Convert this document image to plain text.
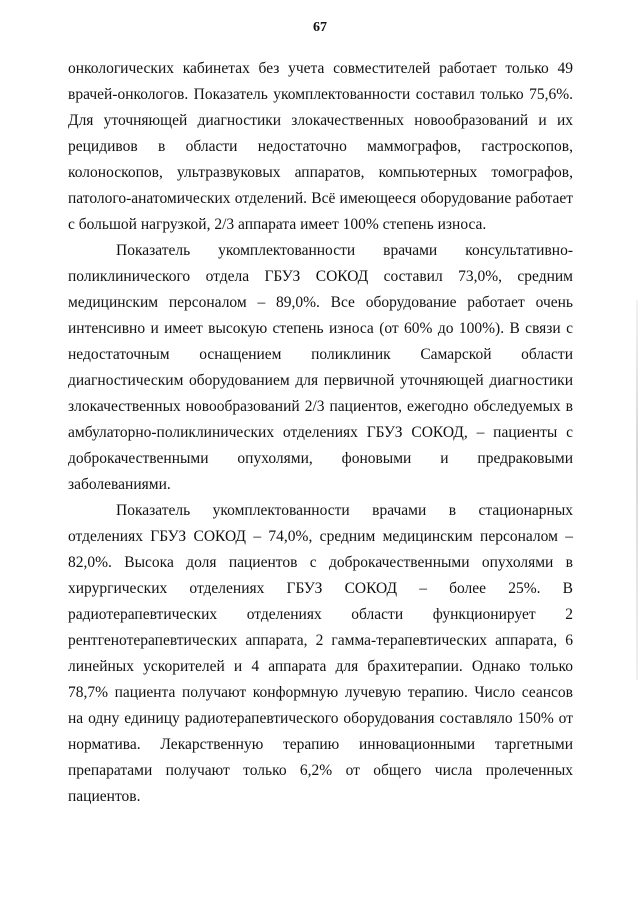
67

онкологических кабинетах без учета совместителей работает только 49 врачей-онкологов. Показатель укомплектованности составил только 75,6%. Для уточняющей диагностики злокачественных новообразований и их рецидивов в области недостаточно маммографов, гастроскопов, колоноскопов, ультразвуковых аппаратов, компьютерных томографов, патолого-анатомических отделений. Всё имеющееся оборудование работает с большой нагрузкой, 2/3 аппарата имеет 100% степень износа.

Показатель укомплектованности врачами консультативно-поликлинического отдела ГБУЗ СОКОД составил 73,0%, средним медицинским персоналом – 89,0%. Все оборудование работает очень интенсивно и имеет высокую степень износа (от 60% до 100%). В связи с недостаточным оснащением поликлиник Самарской области диагностическим оборудованием для первичной уточняющей диагностики злокачественных новообразований 2/3 пациентов, ежегодно обследуемых в амбулаторно-поликлинических отделениях ГБУЗ СОКОД, – пациенты с доброкачественными опухолями, фоновыми и предраковыми заболеваниями.

Показатель укомплектованности врачами в стационарных отделениях ГБУЗ СОКОД – 74,0%, средним медицинским персоналом – 82,0%. Высока доля пациентов с доброкачественными опухолями в хирургических отделениях ГБУЗ СОКОД – более 25%. В радиотерапевтических отделениях области функционирует 2 рентгенотерапевтических аппарата, 2 гамма-терапевтических аппарата, 6 линейных ускорителей и 4 аппарата для брахитерапии. Однако только 78,7% пациента получают конформную лучевую терапию. Число сеансов на одну единицу радиотерапевтического оборудования составляло 150% от норматива. Лекарственную терапию инновационными таргетными препаратами получают только 6,2% от общего числа пролеченных пациентов.
